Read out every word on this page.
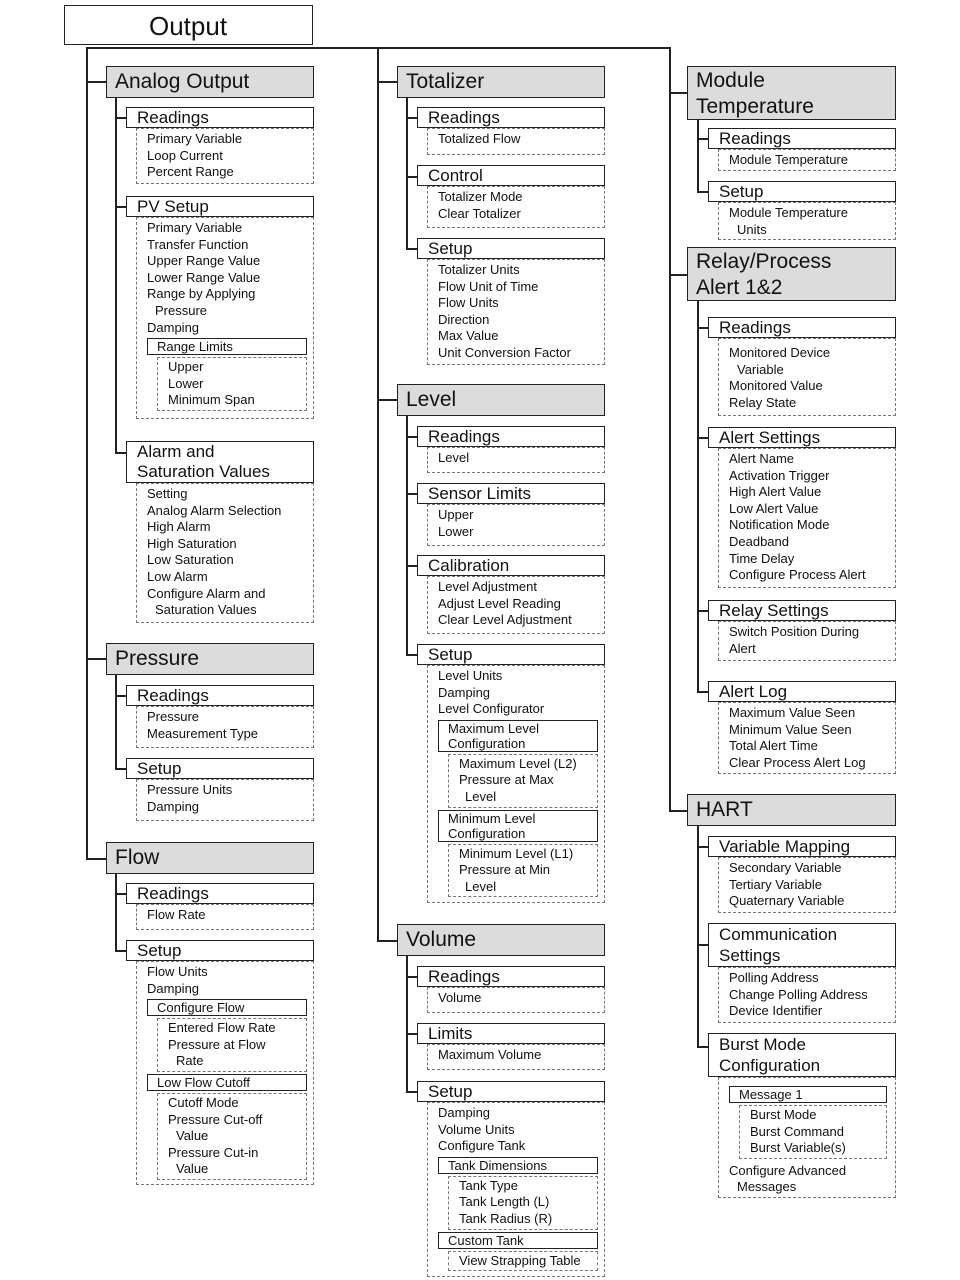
Output
Analog Output
Readings
Primary Variable
Loop Current
Percent Range
PV Setup
Primary Variable
Transfer Function
Upper Range Value
Lower Range Value
Range by Applying
Pressure
Damping
Range Limits
Upper
Lower
Minimum Span
Alarm and
Saturation Values
Setting
Analog Alarm Selection
High Alarm
High Saturation
Low Saturation
Low Alarm
Configure Alarm and
Saturation Values
Pressure
Readings
Pressure
Measurement Type
Setup
Pressure Units
Damping
Flow
Readings
Flow Rate
Setup
Flow Units
Damping
Configure Flow
Entered Flow Rate
Pressure at Flow
Rate
Low Flow Cutoff
Cutoff Mode
Pressure Cut-off
Value
Pressure Cut-in
Value
Totalizer
Readings
Totalized Flow
Control
Totalizer Mode
Clear Totalizer
Setup
Totalizer Units
Flow Unit of Time
Flow Units
Direction
Max Value
Unit Conversion Factor
Level
Readings
Level
Sensor Limits
Upper
Lower
Calibration
Level Adjustment
Adjust Level Reading
Clear Level Adjustment
Setup
Level Units
Damping
Level Configurator
Maximum Level
Configuration
Maximum Level (L2)
Pressure at Max
Level
Minimum Level
Configuration
Minimum Level (L1)
Pressure at Min
Level
Volume
Readings
Volume
Limits
Maximum Volume
Setup
Damping
Volume Units
Configure Tank
Tank Dimensions
Tank Type
Tank Length (L)
Tank Radius (R)
Custom Tank
View Strapping Table
Module
Temperature
Readings
Module Temperature
Setup
Module Temperature
Units
Relay/Process
Alert 1&2
Readings
Monitored Device
Variable
Monitored Value
Relay State
Alert Settings
Alert Name
Activation Trigger
High Alert Value
Low Alert Value
Notification Mode
Deadband
Time Delay
Configure Process Alert
Relay Settings
Switch Position During
Alert
Alert Log
Maximum Value Seen
Minimum Value Seen
Total Alert Time
Clear Process Alert Log
HART
Variable Mapping
Secondary Variable
Tertiary Variable
Quaternary Variable
Communication
Settings
Polling Address
Change Polling Address
Device Identifier
Burst Mode
Configuration
Message 1
Burst Mode
Burst Command
Burst Variable(s)
Configure Advanced
Messages
